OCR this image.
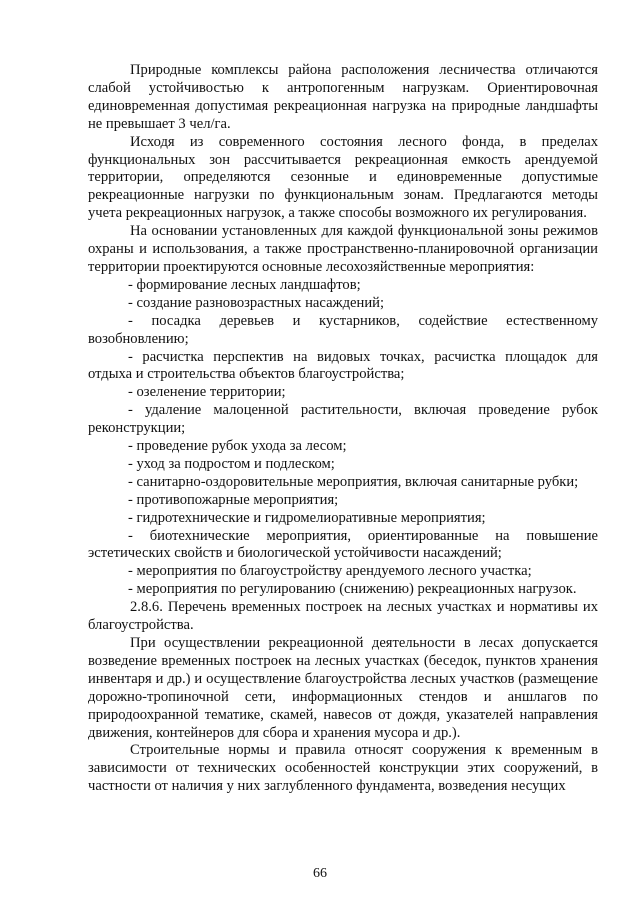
Природные комплексы района расположения лесничества отличаются слабой устойчивостью к антропогенным нагрузкам. Ориентировочная единовременная допустимая рекреационная нагрузка на природные ландшафты не превышает 3 чел/га.

Исходя из современного состояния лесного фонда, в пределах функциональных зон рассчитывается рекреационная емкость арендуемой территории, определяются сезонные и единовременные допустимые рекреационные нагрузки по функциональным зонам. Предлагаются методы учета рекреационных нагрузок, а также способы возможного их регулирования.

На основании установленных для каждой функциональной зоны режимов охраны и использования, а также пространственно-планировочной организации территории проектируются основные лесохозяйственные мероприятия:

- формирование лесных ландшафтов;

- создание разновозрастных насаждений;

- посадка деревьев и кустарников, содействие естественному возобновлению;

- расчистка перспектив на видовых точках, расчистка площадок для отдыха и строительства объектов благоустройства;

- озеленение территории;

- удаление малоценной растительности, включая проведение рубок реконструкции;

- проведение рубок ухода за лесом;

- уход за подростом и подлеском;

- санитарно-оздоровительные мероприятия, включая санитарные рубки;

- противопожарные мероприятия;

- гидротехнические и гидромелиоративные мероприятия;

- биотехнические мероприятия, ориентированные на повышение эстетических свойств и биологической устойчивости насаждений;

- мероприятия по благоустройству арендуемого лесного участка;

- мероприятия по регулированию (снижению) рекреационных нагрузок.

2.8.6. Перечень временных построек на лесных участках и нормативы их благоустройства.

При осуществлении рекреационной деятельности в лесах допускается возведение временных построек на лесных участках (беседок, пунктов хранения инвентаря и др.) и осуществление благоустройства лесных участков (размещение дорожно-тропиночной сети, информационных стендов и аншлагов по природоохранной тематике, скамей, навесов от дождя, указателей направления движения, контейнеров для сбора и хранения мусора и др.).

Строительные нормы и правила относят сооружения к временным в зависимости от технических особенностей конструкции этих сооружений, в частности от наличия у них заглубленного фундамента, возведения несущих

66
